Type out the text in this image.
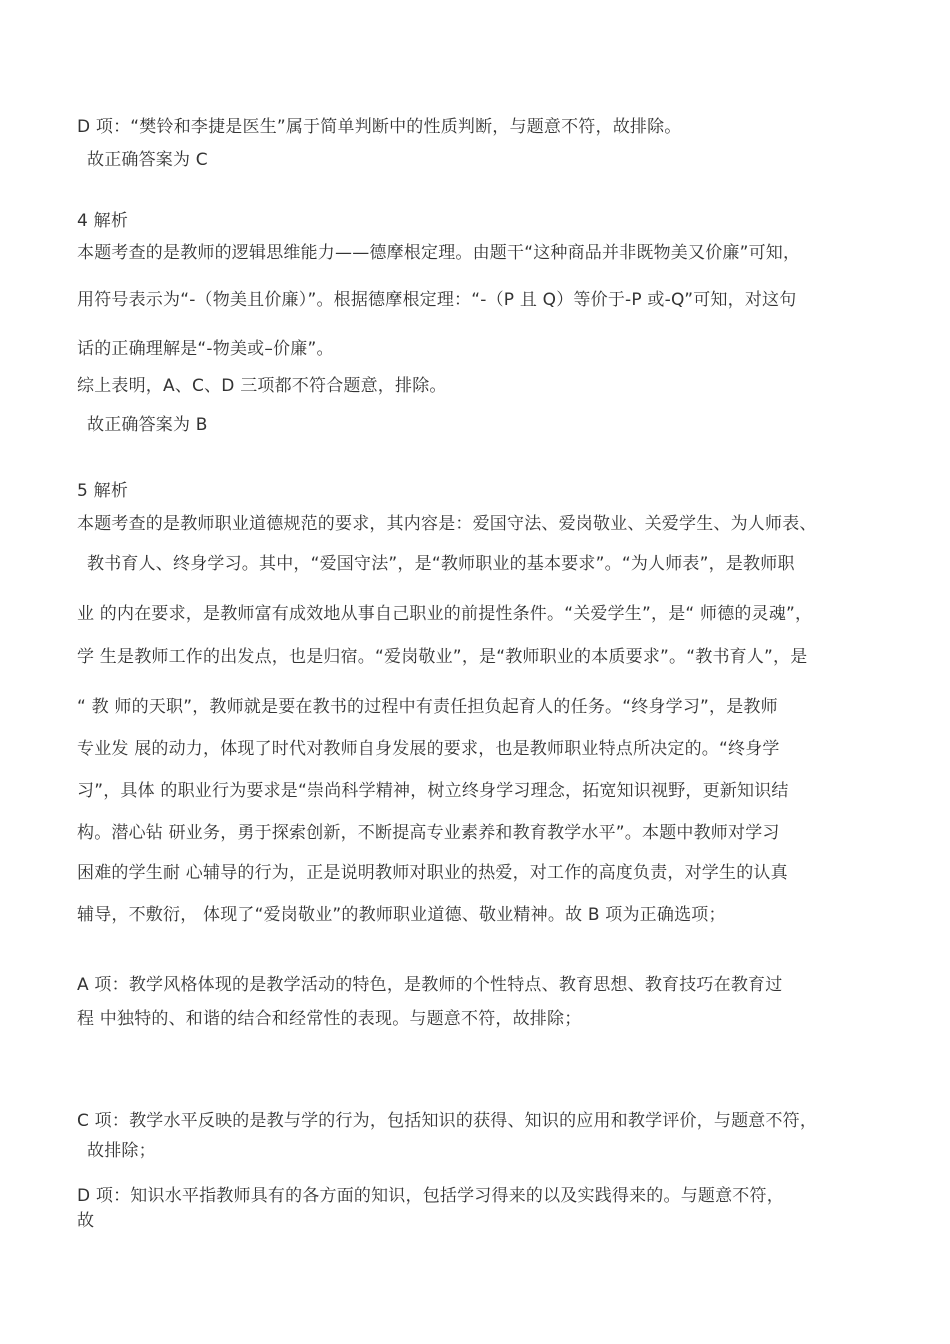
D 项：“樊铃和李捷是医生”属于简单判断中的性质判断，与题意不符，故排除。
故正确答案为 C
4 解析
本题考查的是教师的逻辑思维能力——德摩根定理。由题干“这种商品并非既物美又价廉”可知，
用符号表示为“-（物美且价廉）”。根据德摩根定理：“-（P 且 Q）等价于-P 或-Q”可知，对这句
话的正确理解是“-物美或–价廉”。
综上表明，A、C、D 三项都不符合题意，排除。
故正确答案为 B
5 解析
本题考查的是教师职业道德规范的要求，其内容是：爱国守法、爱岗敬业、关爱学生、为人师表、
教书育人、终身学习。其中，“爱国守法”，是“教师职业的基本要求”。“为人师表”，是教师职
业 的内在要求，是教师富有成效地从事自己职业的前提性条件。“关爱学生”，是“ 师德的灵魂”，
学 生是教师工作的出发点，也是归宿。“爱岗敬业”，是“教师职业的本质要求”。“教书育人”，是
“ 教 师的天职”，教师就是要在教书的过程中有责任担负起育人的任务。“终身学习”，是教师
专业发 展的动力，体现了时代对教师自身发展的要求，也是教师职业特点所决定的。“终身学
习”，具体 的职业行为要求是“崇尚科学精神，树立终身学习理念，拓宽知识视野，更新知识结
构。潜心钻 研业务，勇于探索创新，不断提高专业素养和教育教学水平”。本题中教师对学习
困难的学生耐 心辅导的行为，正是说明教师对职业的热爱，对工作的高度负责，对学生的认真
辅导，不敷衍， 体现了“爱岗敬业”的教师职业道德、敬业精神。故 B 项为正确选项；
A 项：教学风格体现的是教学活动的特色，是教师的个性特点、教育思想、教育技巧在教育过
程 中独特的、和谐的结合和经常性的表现。与题意不符，故排除；
C 项：教学水平反映的是教与学的行为，包括知识的获得、知识的应用和教学评价，与题意不符，
故排除；
D 项：知识水平指教师具有的各方面的知识，包括学习得来的以及实践得来的。与题意不符，
故
